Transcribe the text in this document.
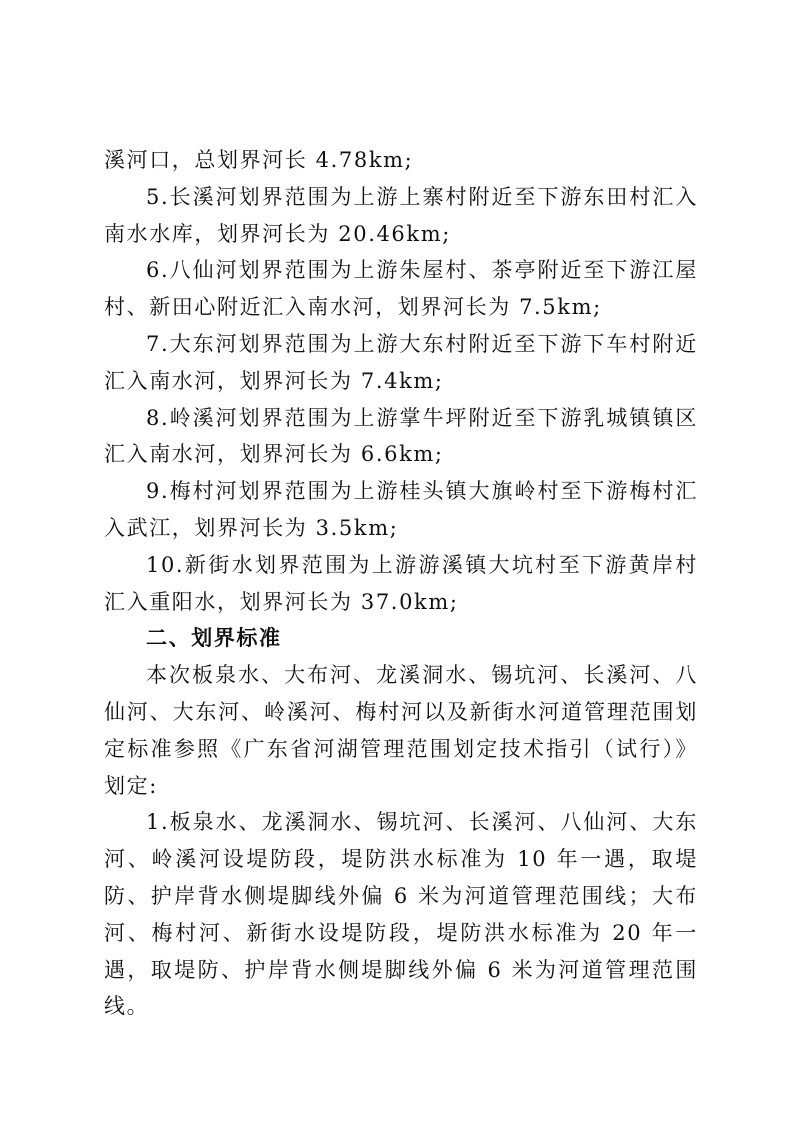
溪河口，总划界河长 4.78km;

5.长溪河划界范围为上游上寨村附近至下游东田村汇入南水水库，划界河长为 20.46km;

6.八仙河划界范围为上游朱屋村、茶亭附近至下游江屋村、新田心附近汇入南水河，划界河长为 7.5km;

7.大东河划界范围为上游大东村附近至下游下车村附近汇入南水河，划界河长为 7.4km;

8.岭溪河划界范围为上游掌牛坪附近至下游乳城镇镇区汇入南水河，划界河长为 6.6km;

9.梅村河划界范围为上游桂头镇大旗岭村至下游梅村汇入武江，划界河长为 3.5km;

10.新街水划界范围为上游游溪镇大坑村至下游黄岸村汇入重阳水，划界河长为 37.0km;

二、划界标准

本次板泉水、大布河、龙溪洞水、锡坑河、长溪河、八仙河、大东河、岭溪河、梅村河以及新街水河道管理范围划定标准参照《广东省河湖管理范围划定技术指引（试行）》划定:

1.板泉水、龙溪洞水、锡坑河、长溪河、八仙河、大东河、岭溪河设堤防段，堤防洪水标准为 10 年一遇，取堤防、护岸背水侧堤脚线外偏 6 米为河道管理范围线；大布河、梅村河、新街水设堤防段，堤防洪水标准为 20 年一遇，取堤防、护岸背水侧堤脚线外偏 6 米为河道管理范围线。
